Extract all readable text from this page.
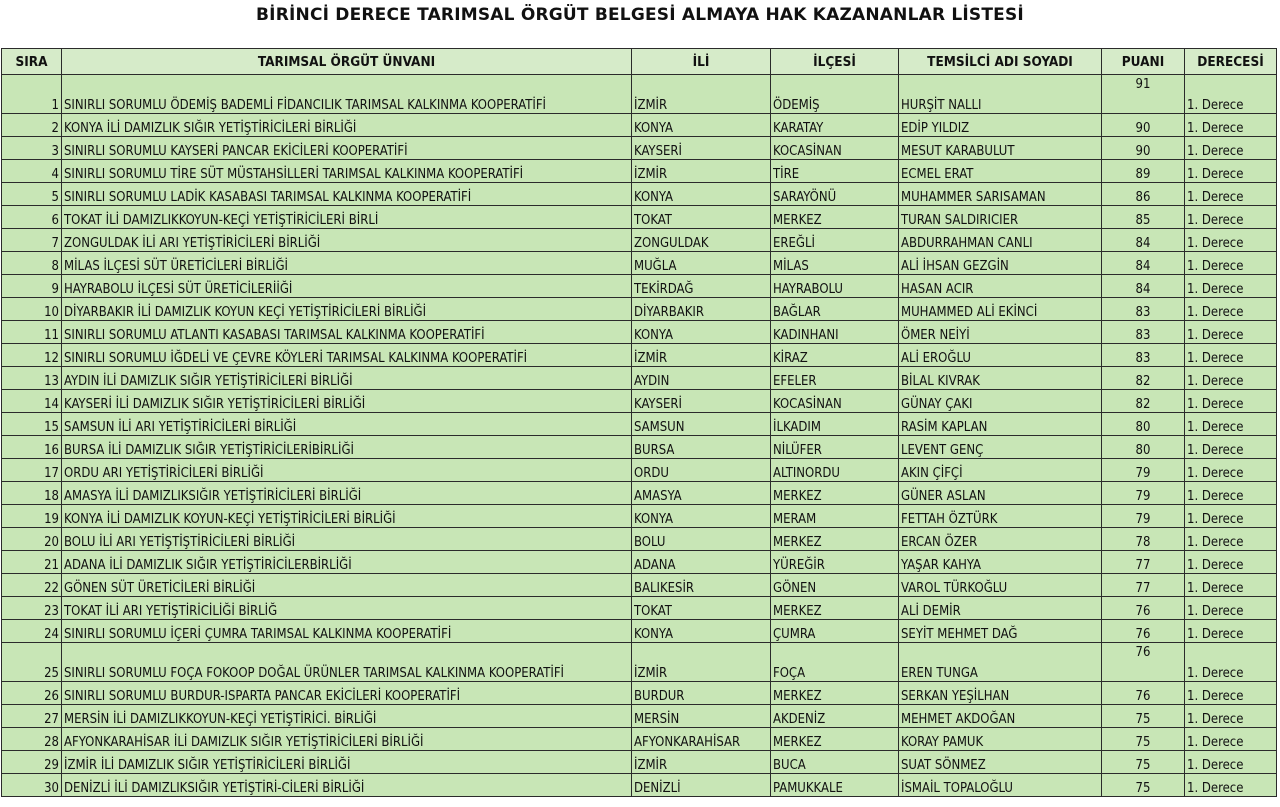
BİRİNCİ DERECE TARIMSAL ÖRGÜT BELGESİ ALMAYA HAK KAZANANLAR LİSTESİ
SIRA	TARIMSAL ÖRGÜT ÜNVANI	İLİ	İLÇESİ	TEMSİLCİ ADI SOYADI	PUANI	DERECESİ
1	SINIRLI SORUMLU ÖDEMİŞ BADEMLİ FİDANCILIK TARIMSAL KALKINMA KOOPERATİFİ	İZMİR	ÖDEMİŞ	HURŞİT NALLI	91	1. Derece
2	KONYA İLİ DAMIZLIK SIĞIR YETİŞTİRİCİLERİ BİRLİĞİ	KONYA	KARATAY	EDİP YILDIZ	90	1. Derece
3	SINIRLI SORUMLU KAYSERİ PANCAR EKİCİLERİ KOOPERATİFİ	KAYSERİ	KOCASİNAN	MESUT KARABULUT	90	1. Derece
4	SINIRLI SORUMLU TİRE SÜT MÜSTAHSİLLERİ TARIMSAL KALKINMA KOOPERATİFİ	İZMİR	TİRE	ECMEL ERAT	89	1. Derece
5	SINIRLI SORUMLU LADİK KASABASI TARIMSAL KALKINMA KOOPERATİFİ	KONYA	SARAYÖNÜ	MUHAMMER SARISAMAN	86	1. Derece
6	TOKAT İLİ DAMIZLIKKOYUN-KEÇİ YETİŞTİRİCİLERİ BİRLİ	TOKAT	MERKEZ	TURAN SALDIRICIER	85	1. Derece
7	ZONGULDAK İLİ ARI YETİŞTİRİCİLERİ BİRLİĞİ	ZONGULDAK	EREĞLİ	ABDURRAHMAN CANLI	84	1. Derece
8	MİLAS İLÇESİ SÜT ÜRETİCİLERİ BİRLİĞİ	MUĞLA	MİLAS	ALİ İHSAN GEZGİN	84	1. Derece
9	HAYRABOLU İLÇESİ SÜT ÜRETİCİLERİİĞİ	TEKİRDAĞ	HAYRABOLU	HASAN ACIR	84	1. Derece
10	DİYARBAKIR İLİ DAMIZLIK KOYUN KEÇİ YETİŞTİRİCİLERİ BİRLİĞİ	DİYARBAKIR	BAĞLAR	MUHAMMED ALİ EKİNCİ	83	1. Derece
11	SINIRLI SORUMLU ATLANTI KASABASI TARIMSAL KALKINMA KOOPERATİFİ	KONYA	KADINHANI	ÖMER NEİYİ	83	1. Derece
12	SINIRLI SORUMLU İĞDELİ VE ÇEVRE KÖYLERİ TARIMSAL KALKINMA KOOPERATİFİ	İZMİR	KİRAZ	ALİ EROĞLU	83	1. Derece
13	AYDIN İLİ DAMIZLIK SIĞIR YETİŞTİRİCİLERİ BİRLİĞİ	AYDIN	EFELER	BİLAL KIVRAK	82	1. Derece
14	KAYSERİ İLİ DAMIZLIK SIĞIR YETİŞTİRİCİLERİ BİRLİĞİ	KAYSERİ	KOCASİNAN	GÜNAY ÇAKI	82	1. Derece
15	SAMSUN İLİ ARI YETİŞTİRİCİLERİ BİRLİĞİ	SAMSUN	İLKADIM	RASİM KAPLAN	80	1. Derece
16	BURSA İLİ DAMIZLIK SIĞIR YETİŞTİRİCİLERİBİRLİĞİ	BURSA	NİLÜFER	LEVENT GENÇ	80	1. Derece
17	ORDU ARI YETİŞTİRİCİLERİ BİRLİĞİ	ORDU	ALTINORDU	AKIN ÇİFÇİ	79	1. Derece
18	AMASYA İLİ DAMIZLIKSIĞIR YETİŞTİRİCİLERİ BİRLİĞİ	AMASYA	MERKEZ	GÜNER ASLAN	79	1. Derece
19	KONYA İLİ DAMIZLIK KOYUN-KEÇİ YETİŞTİRİCİLERİ BİRLİĞİ	KONYA	MERAM	FETTAH ÖZTÜRK	79	1. Derece
20	BOLU İLİ ARI YETİŞTİŞTİRİCİLERİ BİRLİĞİ	BOLU	MERKEZ	ERCAN ÖZER	78	1. Derece
21	ADANA İLİ DAMIZLIK SIĞIR YETİŞTİRİCİLERBİRLİĞİ	ADANA	YÜREĞİR	YAŞAR KAHYA	77	1. Derece
22	GÖNEN SÜT ÜRETİCİLERİ BİRLİĞİ	BALIKESİR	GÖNEN	VAROL TÜRKOĞLU	77	1. Derece
23	TOKAT İLİ ARI YETİŞTİRİCİLİĞİ BİRLİĞ	TOKAT	MERKEZ	ALİ DEMİR	76	1. Derece
24	SINIRLI SORUMLU İÇERİ ÇUMRA TARIMSAL KALKINMA KOOPERATİFİ	KONYA	ÇUMRA	SEYİT MEHMET DAĞ	76	1. Derece
25	SINIRLI SORUMLU FOÇA FOKOOP DOĞAL ÜRÜNLER TARIMSAL KALKINMA KOOPERATİFİ	İZMİR	FOÇA	EREN TUNGA	76	1. Derece
26	SINIRLI SORUMLU BURDUR-ISPARTA PANCAR EKİCİLERİ KOOPERATİFİ	BURDUR	MERKEZ	SERKAN YEŞİLHAN	76	1. Derece
27	MERSİN İLİ DAMIZLIKKOYUN-KEÇİ YETİŞTİRİCİ. BİRLİĞİ	MERSİN	AKDENİZ	MEHMET AKDOĞAN	75	1. Derece
28	AFYONKARAHİSAR İLİ DAMIZLIK SIĞIR YETİŞTİRİCİLERİ BİRLİĞİ	AFYONKARAHİSAR	MERKEZ	KORAY PAMUK	75	1. Derece
29	İZMİR İLİ DAMIZLIK SIĞIR YETİŞTİRİCİLERİ BİRLİĞİ	İZMİR	BUCA	SUAT SÖNMEZ	75	1. Derece
30	DENİZLİ İLİ DAMIZLIKSIĞIR YETİŞTİRİ-CİLERİ BİRLİĞİ	DENİZLİ	PAMUKKALE	İSMAİL TOPALOĞLU	75	1. Derece
